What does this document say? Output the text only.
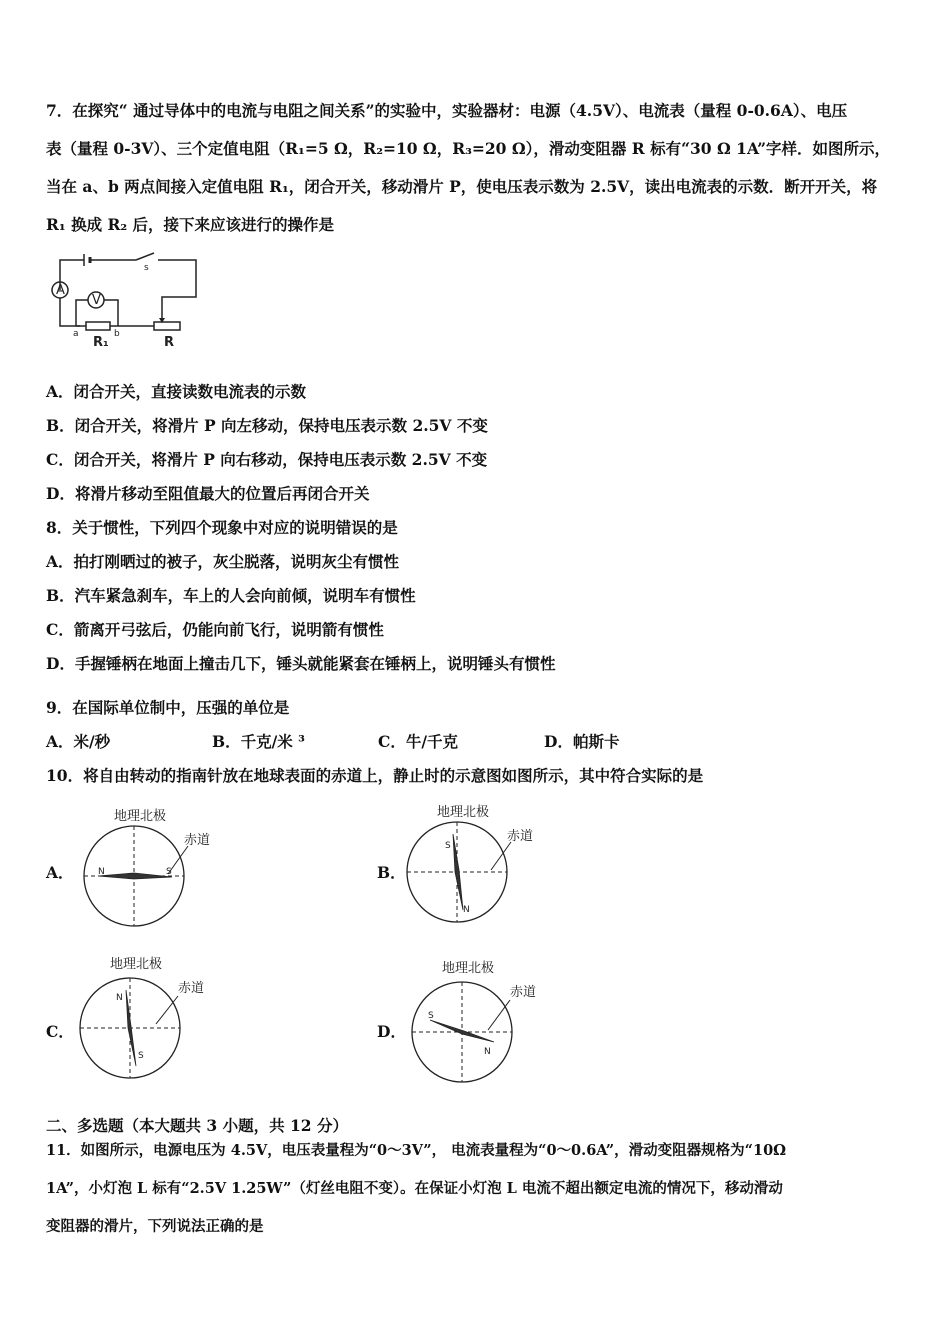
7．在探究“ 通过导体中的电流与电阻之间关系”的实验中，实验器材：电源（4.5V）、电流表（量程 0-0.6A）、电压
表（量程 0-3V）、三个定值电阻（R₁=5 Ω，R₂=10 Ω，R₃=20 Ω），滑动变阻器 R 标有“30 Ω 1A”字样．如图所示，
当在 a、b 两点间接入定值电阻 R₁，闭合开关，移动滑片 P，使电压表示数为 2.5V，读出电流表的示数．断开开关，将
R₁ 换成 R₂ 后，接下来应该进行的操作是
A
V
s
a	b
R₁	R
A．闭合开关，直接读数电流表的示数
B．闭合开关，将滑片 P 向左移动，保持电压表示数 2.5V 不变
C．闭合开关，将滑片 P 向右移动，保持电压表示数 2.5V 不变
D．将滑片移动至阻值最大的位置后再闭合开关
8．关于惯性，下列四个现象中对应的说明错误的是
A．拍打刚晒过的被子，灰尘脱落，说明灰尘有惯性
B．汽车紧急刹车，车上的人会向前倾，说明车有惯性
C．箭离开弓弦后，仍能向前飞行，说明箭有惯性
D．手握锤柄在地面上撞击几下，锤头就能紧套在锤柄上，说明锤头有惯性
9．在国际单位制中，压强的单位是
A．米/秒	B．千克/米 ³	C．牛/千克	D．帕斯卡
10．将自由转动的指南针放在地球表面的赤道上，静止时的示意图如图所示，其中符合实际的是
A．
地理北极
赤道
N	S	B．
地理北极
赤道
S
N
C．
地理北极
赤道
N
S
D．
地理北极
赤道
S
N
二、多选题（本大题共 3 小题，共 12 分）
11．如图所示，电源电压为 4.5V，电压表量程为“0～3V”， 电流表量程为“0～0.6A”，滑动变阻器规格为“10Ω
1A”，小灯泡 L 标有“2.5V 1.25W”（灯丝电阻不变）。在保证小灯泡 L 电流不超出额定电流的情况下，移动滑动
变阻器的滑片，下列说法正确的是
